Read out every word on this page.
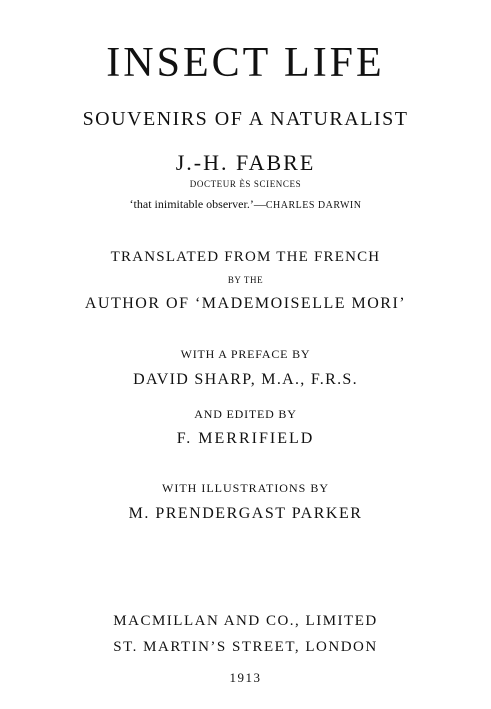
INSECT LIFE
SOUVENIRS OF A NATURALIST
J.-H. FABRE
DOCTEUR ÈS SCIENCES
‘that inimitable observer.’—CHARLES DARWIN
TRANSLATED FROM THE FRENCH
BY THE
AUTHOR OF ‘MADEMOISELLE MORI’
WITH A PREFACE BY
DAVID SHARP, M.A., F.R.S.
AND EDITED BY
F. MERRIFIELD
WITH ILLUSTRATIONS BY
M. PRENDERGAST PARKER
MACMILLAN AND CO., LIMITED
ST. MARTIN’S STREET, LONDON
1913
